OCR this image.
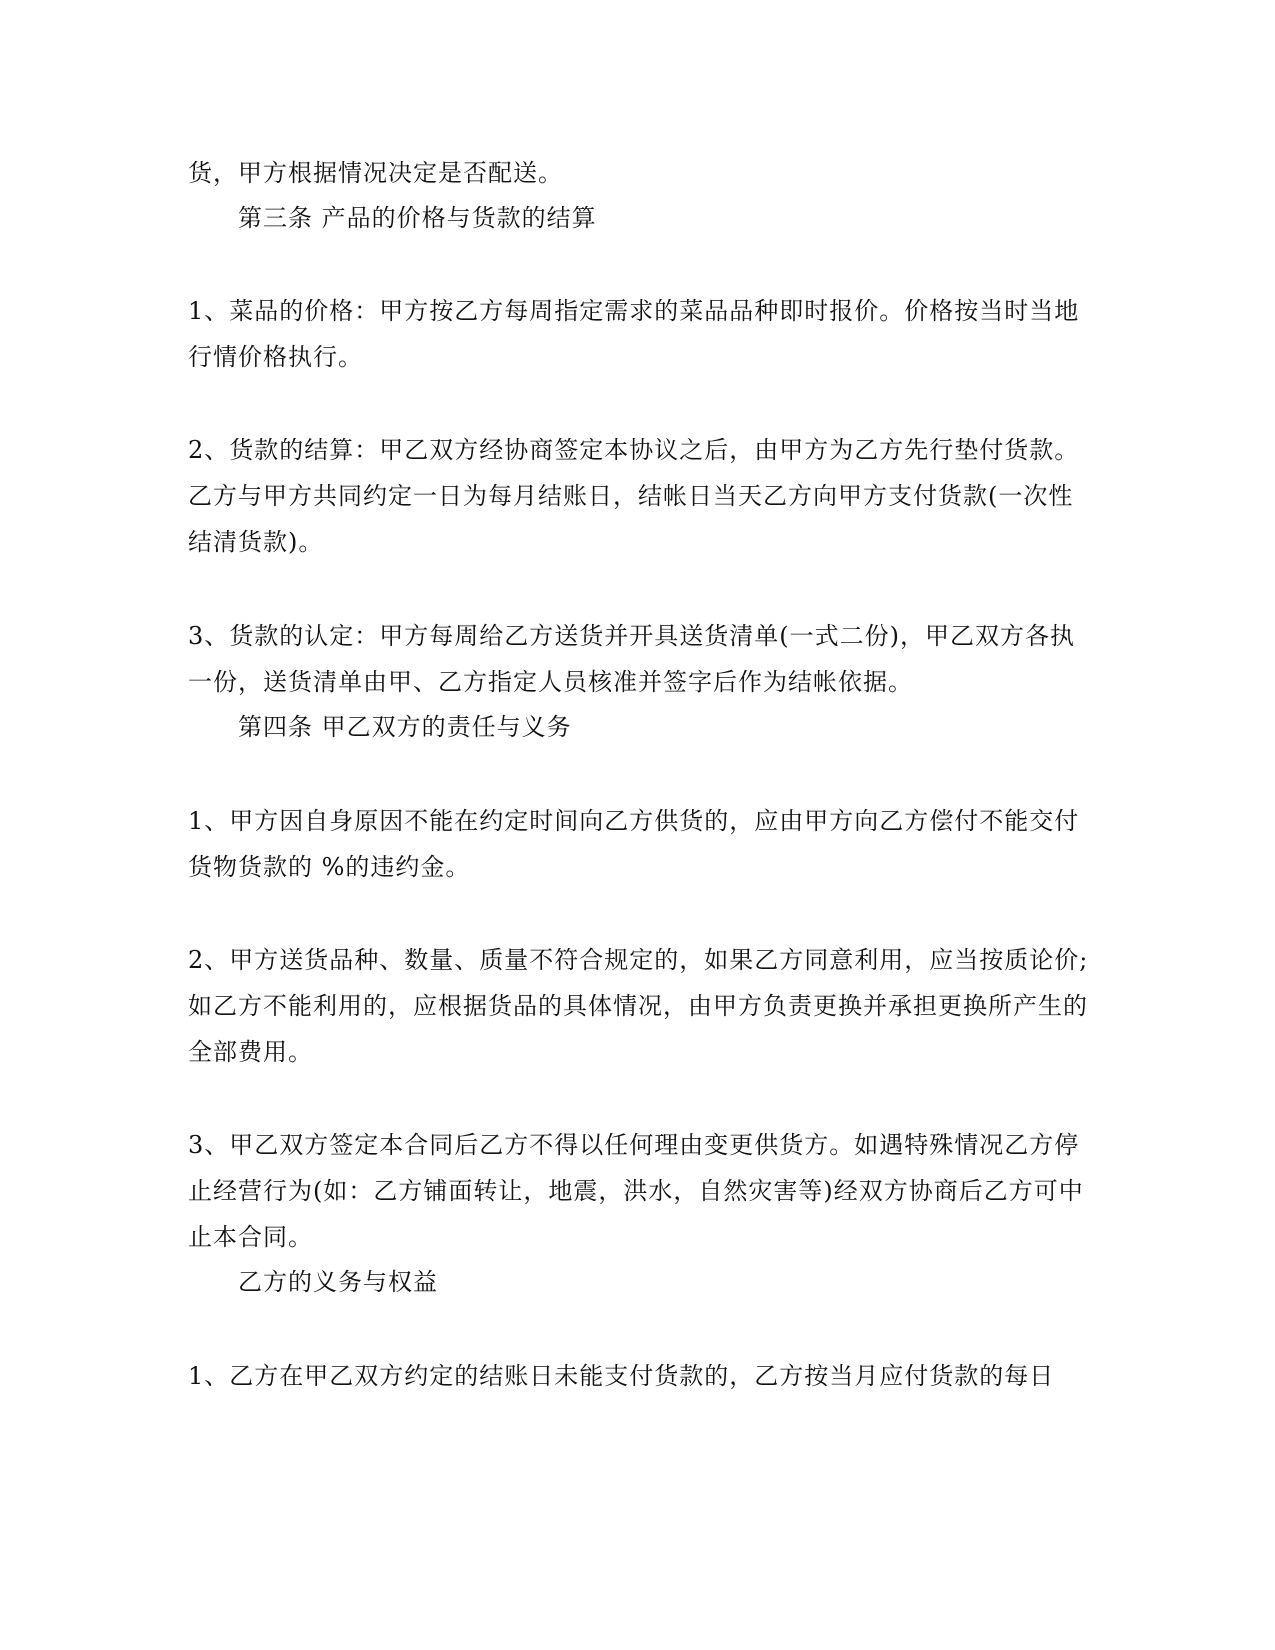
货，甲方根据情况决定是否配送。
第三条 产品的价格与货款的结算
1、菜品的价格：甲方按乙方每周指定需求的菜品品种即时报价。价格按当时当地
行情价格执行。
2、货款的结算：甲乙双方经协商签定本协议之后，由甲方为乙方先行垫付货款。
乙方与甲方共同约定一日为每月结账日，结帐日当天乙方向甲方支付货款(一次性
结清货款)。
3、货款的认定：甲方每周给乙方送货并开具送货清单(一式二份)，甲乙双方各执
一份，送货清单由甲、乙方指定人员核准并签字后作为结帐依据。
第四条 甲乙双方的责任与义务
1、甲方因自身原因不能在约定时间向乙方供货的，应由甲方向乙方偿付不能交付
货物货款的 %的违约金。
2、甲方送货品种、数量、质量不符合规定的，如果乙方同意利用，应当按质论价;
如乙方不能利用的，应根据货品的具体情况，由甲方负责更换并承担更换所产生的
全部费用。
3、甲乙双方签定本合同后乙方不得以任何理由变更供货方。如遇特殊情况乙方停
止经营行为(如：乙方铺面转让，地震，洪水，自然灾害等)经双方协商后乙方可中
止本合同。
乙方的义务与权益
1、乙方在甲乙双方约定的结账日未能支付货款的，乙方按当月应付货款的每日
